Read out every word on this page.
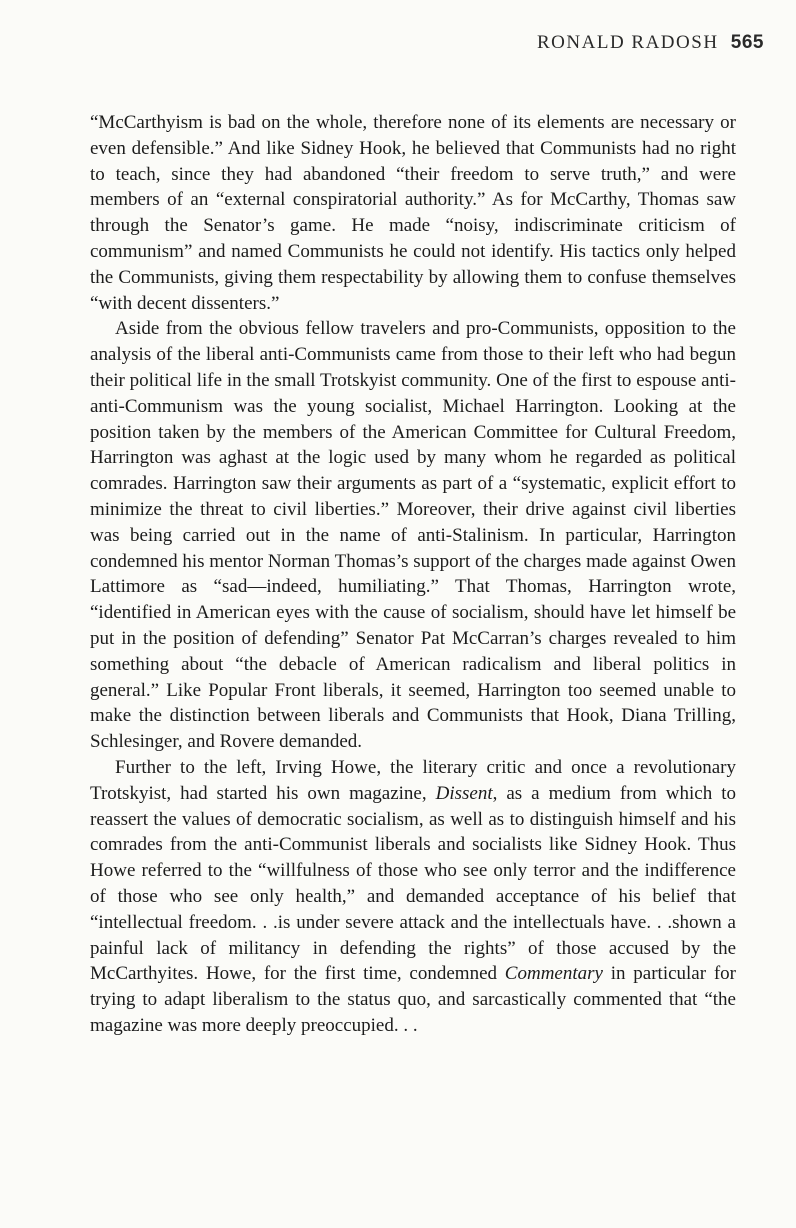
RONALD RADOSH 565

“McCarthyism is bad on the whole, therefore none of its elements are necessary or even defensible.” And like Sidney Hook, he believed that Communists had no right to teach, since they had abandoned “their freedom to serve truth,” and were members of an “external conspiratorial authority.” As for McCarthy, Thomas saw through the Senator’s game. He made “noisy, indiscriminate criticism of communism” and named Communists he could not identify. His tactics only helped the Communists, giving them respectability by allowing them to confuse themselves “with decent dissenters.”

Aside from the obvious fellow travelers and pro-Communists, opposition to the analysis of the liberal anti-Communists came from those to their left who had begun their political life in the small Trotskyist community. One of the first to espouse anti-anti-Communism was the young socialist, Michael Harrington. Looking at the position taken by the members of the American Committee for Cultural Freedom, Harrington was aghast at the logic used by many whom he regarded as political comrades. Harrington saw their arguments as part of a “systematic, explicit effort to minimize the threat to civil liberties.” Moreover, their drive against civil liberties was being carried out in the name of anti-Stalinism. In particular, Harrington condemned his mentor Norman Thomas’s support of the charges made against Owen Lattimore as “sad—indeed, humiliating.” That Thomas, Harrington wrote, “identified in American eyes with the cause of socialism, should have let himself be put in the position of defending” Senator Pat McCarran’s charges revealed to him something about “the debacle of American radicalism and liberal politics in general.” Like Popular Front liberals, it seemed, Harrington too seemed unable to make the distinction between liberals and Communists that Hook, Diana Trilling, Schlesinger, and Rovere demanded.

Further to the left, Irving Howe, the literary critic and once a revolutionary Trotskyist, had started his own magazine, Dissent, as a medium from which to reassert the values of democratic socialism, as well as to distinguish himself and his comrades from the anti-Communist liberals and socialists like Sidney Hook. Thus Howe referred to the “willfulness of those who see only terror and the indifference of those who see only health,” and demanded acceptance of his belief that “intellectual freedom. . .is under severe attack and the intellectuals have. . .shown a painful lack of militancy in defending the rights” of those accused by the McCarthyites. Howe, for the first time, condemned Commentary in particular for trying to adapt liberalism to the status quo, and sarcastically commented that “the magazine was more deeply preoccupied. . .
